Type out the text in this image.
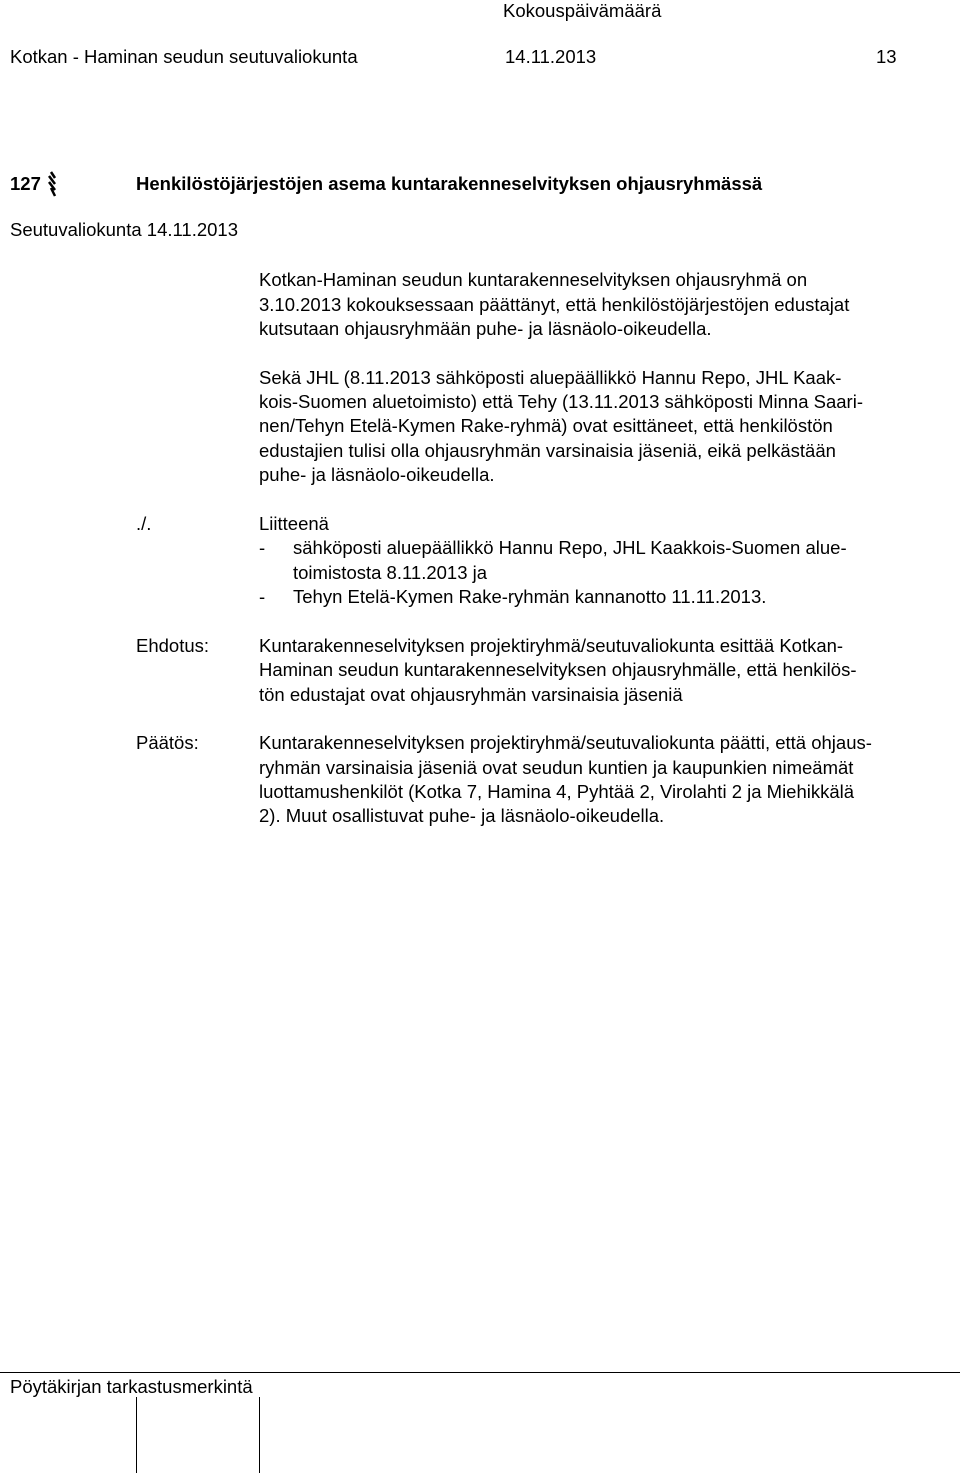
Kokouspäivämäärä
Kotkan - Haminan seudun seutuvaliokunta	14.11.2013	13
127	Henkilöstöjärjestöjen asema kuntarakenneselvityksen ohjausryhmässä
Seutuvaliokunta 14.11.2013
Kotkan-Haminan seudun kuntarakenneselvityksen ohjausryhmä on
3.10.2013 kokouksessaan päättänyt, että henkilöstöjärjestöjen edustajat
kutsutaan ohjausryhmään puhe- ja läsnäolo-oikeudella.
Sekä JHL (8.11.2013 sähköposti aluepäällikkö Hannu Repo, JHL Kaak-
kois-Suomen aluetoimisto) että Tehy (13.11.2013 sähköposti Minna Saari-
nen/Tehyn Etelä-Kymen Rake-ryhmä) ovat esittäneet, että henkilöstön
edustajien tulisi olla ohjausryhmän varsinaisia jäseniä, eikä pelkästään
puhe- ja läsnäolo-oikeudella.
./.	Liitteenä
- sähköposti aluepäällikkö Hannu Repo, JHL Kaakkois-Suomen alue-
toimistosta 8.11.2013 ja
- Tehyn Etelä-Kymen Rake-ryhmän kannanotto 11.11.2013.
Ehdotus:	Kuntarakenneselvityksen projektiryhmä/seutuvaliokunta esittää Kotkan-
Haminan seudun kuntarakenneselvityksen ohjausryhmälle, että henkilös-
tön edustajat ovat ohjausryhmän varsinaisia jäseniä
Päätös:	Kuntarakenneselvityksen projektiryhmä/seutuvaliokunta päätti, että ohjaus-
ryhmän varsinaisia jäseniä ovat seudun kuntien ja kaupunkien nimeämät
luottamushenkilöt (Kotka 7, Hamina 4, Pyhtää 2, Virolahti 2 ja Miehikkälä
2). Muut osallistuvat puhe- ja läsnäolo-oikeudella.
Pöytäkirjan tarkastusmerkintä
